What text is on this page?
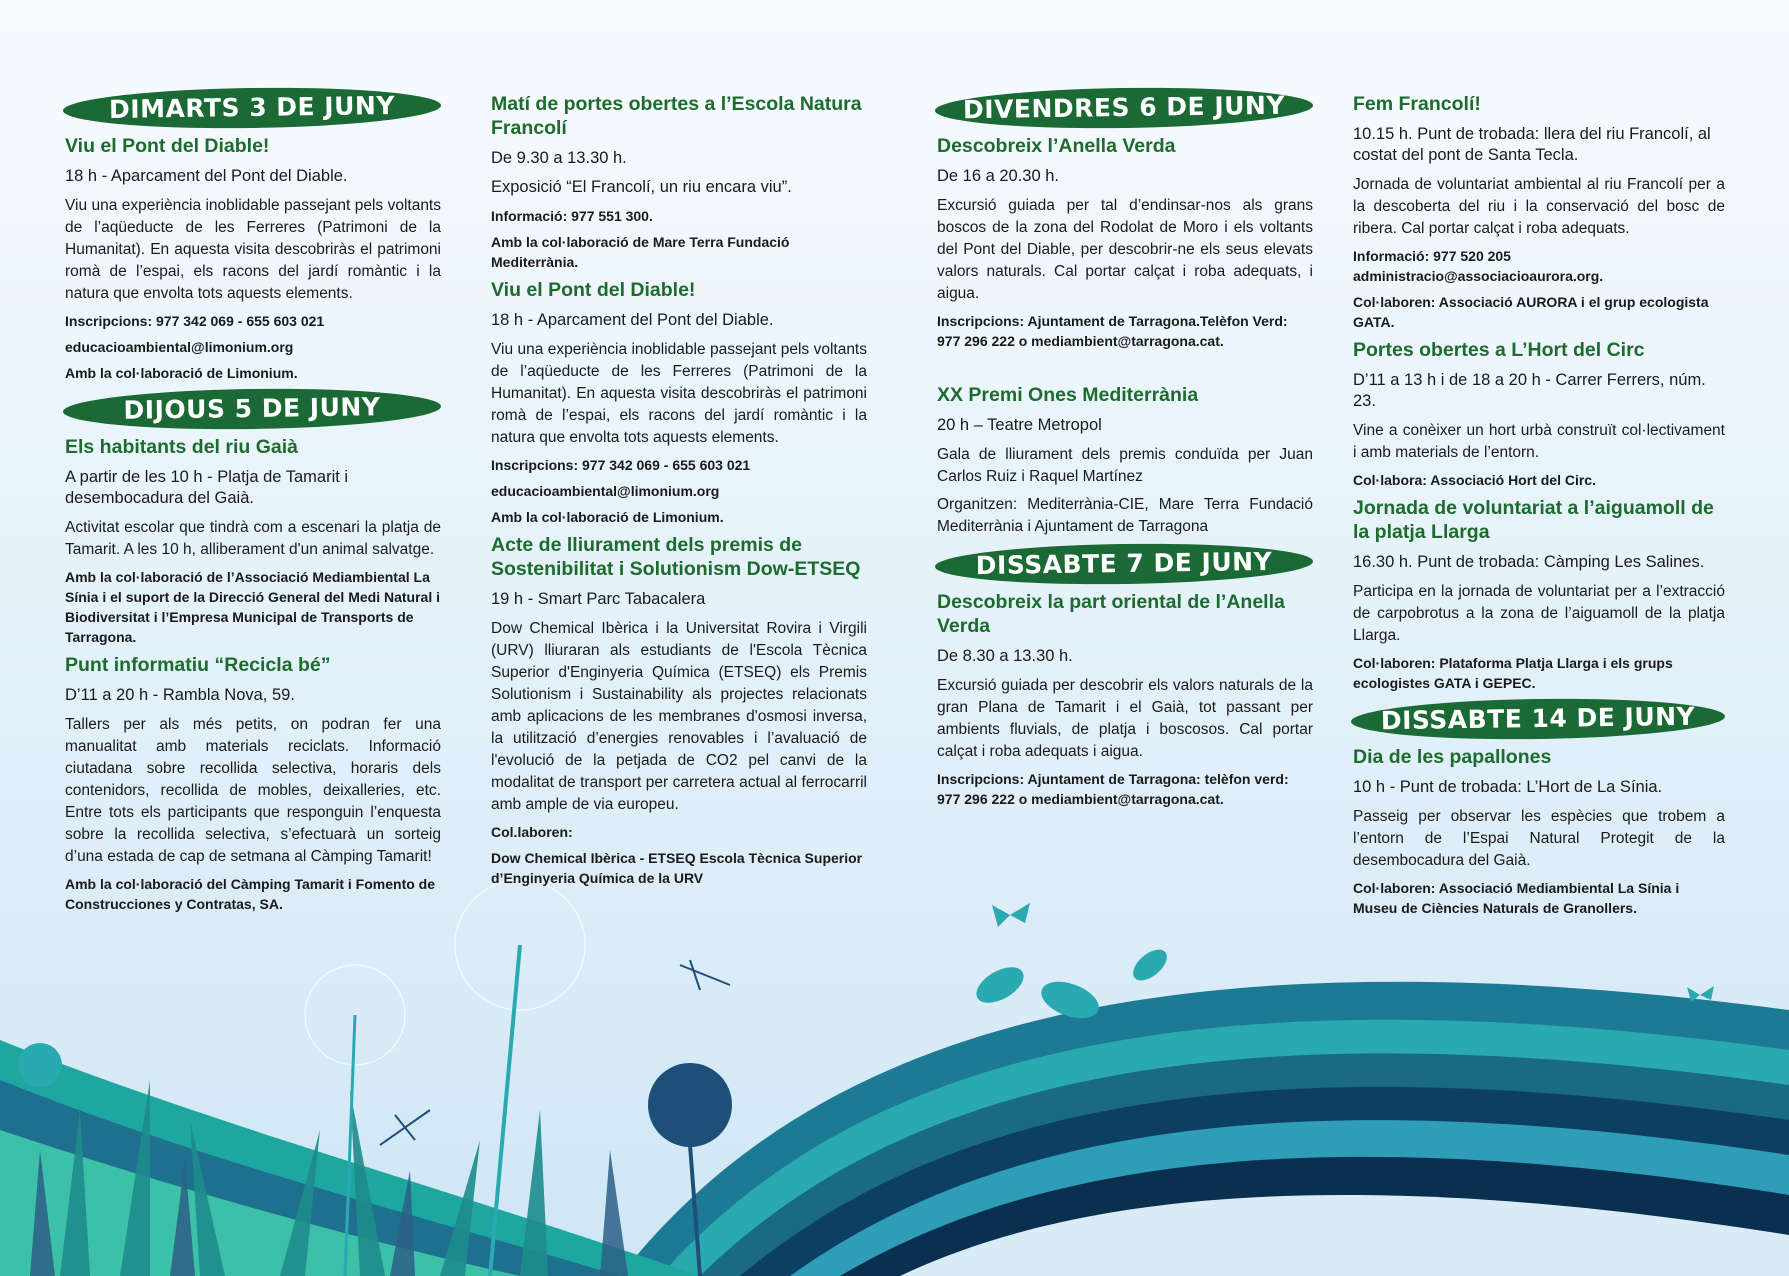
DIMARTS 3 DE JUNY
Viu el Pont del Diable!
18 h - Aparcament del Pont del Diable.
Viu una experiència inoblidable passejant pels voltants de l’aqüeducte de les Ferreres (Patrimoni de la Humanitat). En aquesta visita descobriràs el patrimoni romà de l’espai, els racons del jardí romàntic i la natura que envolta tots aquests elements.
Inscripcions: 977 342 069 - 655 603 021
educacioambiental@limonium.org
Amb la col·laboració de Limonium.
DIJOUS 5 DE JUNY
Els habitants del riu Gaià
A partir de les 10 h - Platja de Tamarit i desembocadura del Gaià.
Activitat escolar que tindrà com a escenari la platja de Tamarit. A les 10 h, alliberament d'un animal salvatge.
Amb la col·laboració de l’Associació Mediambiental La Sínia i el suport de la Direcció General del Medi Natural i Biodiversitat i l’Empresa Municipal de Transports de Tarragona.
Punt informatiu “Recicla bé”
D’11 a 20 h - Rambla Nova, 59.
Tallers per als més petits, on podran fer una manualitat amb materials reciclats. Informació ciutadana sobre recollida selectiva, horaris dels contenidors, recollida de mobles, deixalleries, etc. Entre tots els participants que responguin l’enquesta sobre la recollida selectiva, s’efectuarà un sorteig d’una estada de cap de setmana al Càmping Tamarit!
Amb la col·laboració del Càmping Tamarit i Fomento de Construcciones y Contratas, SA.
Matí de portes obertes a l’Escola Natura Francolí
De 9.30 a 13.30 h.
Exposició “El Francolí, un riu encara viu”.
Informació: 977 551 300.
Amb la col·laboració de Mare Terra Fundació Mediterrània.
Viu el Pont del Diable!
18 h - Aparcament del Pont del Diable.
Viu una experiència inoblidable passejant pels voltants de l’aqüeducte de les Ferreres (Patrimoni de la Humanitat). En aquesta visita descobriràs el patrimoni romà de l’espai, els racons del jardí romàntic i la natura que envolta tots aquests elements.
Inscripcions: 977 342 069 - 655 603 021
educacioambiental@limonium.org
Amb la col·laboració de Limonium.
Acte de lliurament dels premis de Sostenibilitat i Solutionism Dow-ETSEQ
19 h - Smart Parc Tabacalera
Dow Chemical Ibèrica i la Universitat Rovira i Virgili (URV) lliuraran als estudiants de l'Escola Tècnica Superior d'Enginyeria Química (ETSEQ) els Premis Solutionism i Sustainability als projectes relacionats amb aplicacions de les membranes d'osmosi inversa, la utilització d’energies renovables i l’avaluació de l'evolució de la petjada de CO2 pel canvi de la modalitat de transport per carretera actual al ferrocarril amb ample de via europeu.
Col.laboren:
Dow Chemical Ibèrica - ETSEQ Escola Tècnica Superior d’Enginyeria Química de la URV
DIVENDRES 6 DE JUNY
Descobreix l’Anella Verda
De 16 a 20.30 h.
Excursió guiada per tal d’endinsar-nos als grans boscos de la zona del Rodolat de Moro i els voltants del Pont del Diable, per descobrir-ne els seus elevats valors naturals. Cal portar calçat i roba adequats, i aigua.
Inscripcions: Ajuntament de Tarragona.Telèfon Verd: 977 296 222 o mediambient@tarragona.cat.
XX Premi Ones Mediterrània
20 h – Teatre Metropol
Gala de lliurament dels premis conduïda per Juan Carlos Ruiz i Raquel Martínez
Organitzen: Mediterrània-CIE, Mare Terra Fundació Mediterrània i Ajuntament de Tarragona
DISSABTE 7 DE JUNY
Descobreix la part oriental de l’Anella Verda
De 8.30 a 13.30 h.
Excursió guiada per descobrir els valors naturals de la gran Plana de Tamarit i el Gaià, tot passant per ambients fluvials, de platja i boscosos. Cal portar calçat i roba adequats i aigua.
Inscripcions: Ajuntament de Tarragona: telèfon verd: 977 296 222 o mediambient@tarragona.cat.
Fem Francolí!
10.15 h. Punt de trobada: llera del riu Francolí, al costat del pont de Santa Tecla.
Jornada de voluntariat ambiental al riu Francolí per a la descoberta del riu i la conservació del bosc de ribera. Cal portar calçat i roba adequats.
Informació: 977 520 205 administracio@associacioaurora.org.
Col·laboren: Associació AURORA i el grup ecologista GATA.
Portes obertes a L’Hort del Circ
D’11 a 13 h i de 18 a 20 h - Carrer Ferrers, núm. 23.
Vine a conèixer un hort urbà construït col·lectivament i amb materials de l’entorn.
Col·labora: Associació Hort del Circ.
Jornada de voluntariat a l’aiguamoll de la platja Llarga
16.30 h. Punt de trobada: Càmping Les Salines.
Participa en la jornada de voluntariat per a l’extracció de carpobrotus a la zona de l’aiguamoll de la platja Llarga.
Col·laboren: Plataforma Platja Llarga i els grups ecologistes GATA i GEPEC.
DISSABTE 14 DE JUNY
Dia de les papallones
10 h - Punt de trobada: L’Hort de La Sínia.
Passeig per observar les espècies que trobem a l’entorn de l’Espai Natural Protegit de la desembocadura del Gaià.
Col·laboren: Associació Mediambiental La Sínia i Museu de Ciències Naturals de Granollers.
